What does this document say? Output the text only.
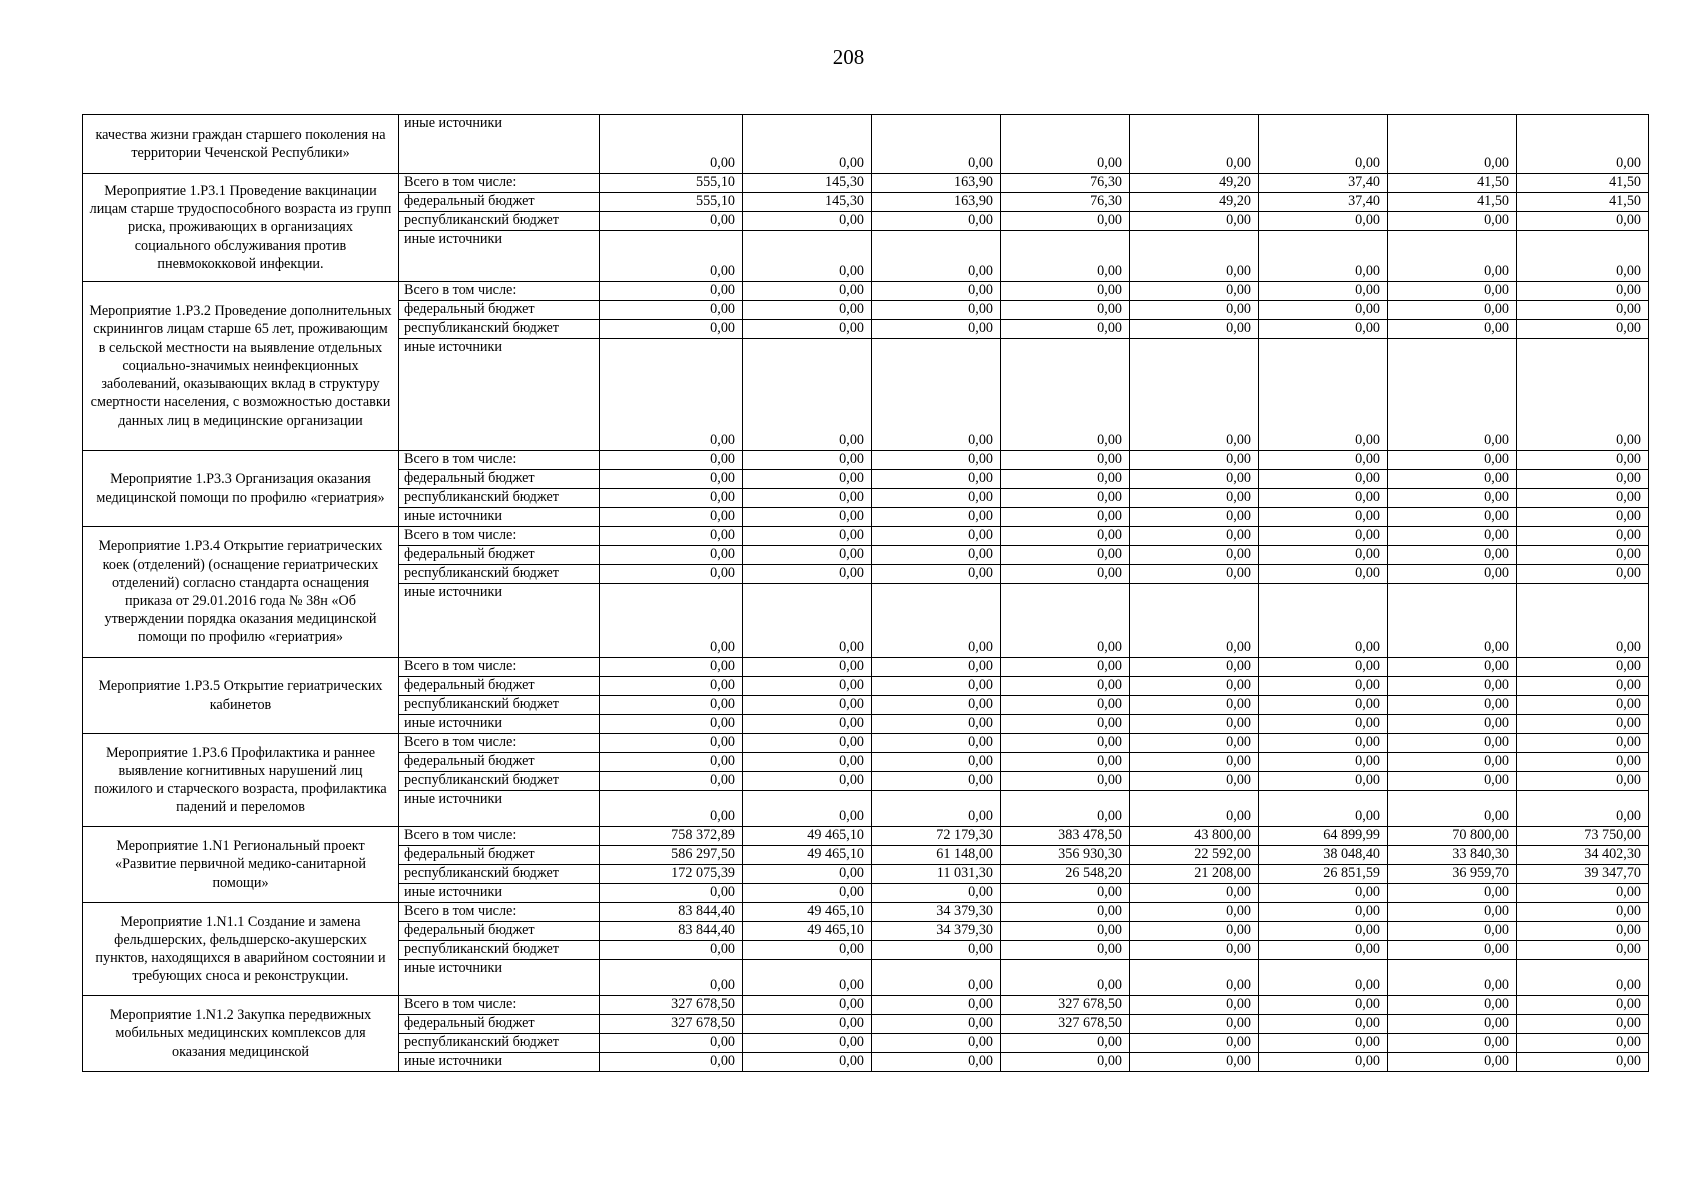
208
качества жизни граждан старшего поколения на территории Чеченской Республики»	иные источники	0,00	0,00	0,00	0,00	0,00	0,00	0,00	0,00
Мероприятие 1.Р3.1 Проведение вакцинации лицам старше трудоспособного возраста из групп риска, проживающих в организациях социального обслуживания против пневмококковой инфекции.	Всего в том числе:	555,10	145,30	163,90	76,30	49,20	37,40	41,50	41,50
	федеральный бюджет	555,10	145,30	163,90	76,30	49,20	37,40	41,50	41,50
	республиканский бюджет	0,00	0,00	0,00	0,00	0,00	0,00	0,00	0,00
	иные источники	0,00	0,00	0,00	0,00	0,00	0,00	0,00	0,00
Мероприятие 1.Р3.2 Проведение дополнительных скринингов лицам старше 65 лет, проживающим в сельской местности на выявление отдельных социально-значимых неинфекционных заболеваний, оказывающих вклад в структуру смертности населения, с возможностью доставки данных лиц в медицинские организации	Всего в том числе:	0,00	0,00	0,00	0,00	0,00	0,00	0,00	0,00
	федеральный бюджет	0,00	0,00	0,00	0,00	0,00	0,00	0,00	0,00
	республиканский бюджет	0,00	0,00	0,00	0,00	0,00	0,00	0,00	0,00
	иные источники	0,00	0,00	0,00	0,00	0,00	0,00	0,00	0,00
Мероприятие 1.Р3.3 Организация оказания медицинской помощи по профилю «гериатрия»	Всего в том числе:	0,00	0,00	0,00	0,00	0,00	0,00	0,00	0,00
	федеральный бюджет	0,00	0,00	0,00	0,00	0,00	0,00	0,00	0,00
	республиканский бюджет	0,00	0,00	0,00	0,00	0,00	0,00	0,00	0,00
	иные источники	0,00	0,00	0,00	0,00	0,00	0,00	0,00	0,00
Мероприятие 1.Р3.4 Открытие гериатрических коек (отделений) (оснащение гериатрических отделений) согласно стандарта оснащения приказа от 29.01.2016 года № 38н «Об утверждении порядка оказания медицинской помощи по профилю «гериатрия»	Всего в том числе:	0,00	0,00	0,00	0,00	0,00	0,00	0,00	0,00
	федеральный бюджет	0,00	0,00	0,00	0,00	0,00	0,00	0,00	0,00
	республиканский бюджет	0,00	0,00	0,00	0,00	0,00	0,00	0,00	0,00
	иные источники	0,00	0,00	0,00	0,00	0,00	0,00	0,00	0,00
Мероприятие 1.Р3.5 Открытие гериатрических кабинетов	Всего в том числе:	0,00	0,00	0,00	0,00	0,00	0,00	0,00	0,00
	федеральный бюджет	0,00	0,00	0,00	0,00	0,00	0,00	0,00	0,00
	республиканский бюджет	0,00	0,00	0,00	0,00	0,00	0,00	0,00	0,00
	иные источники	0,00	0,00	0,00	0,00	0,00	0,00	0,00	0,00
Мероприятие 1.Р3.6 Профилактика и раннее выявление когнитивных нарушений лиц пожилого и старческого возраста, профилактика падений и переломов	Всего в том числе:	0,00	0,00	0,00	0,00	0,00	0,00	0,00	0,00
	федеральный бюджет	0,00	0,00	0,00	0,00	0,00	0,00	0,00	0,00
	республиканский бюджет	0,00	0,00	0,00	0,00	0,00	0,00	0,00	0,00
	иные источники	0,00	0,00	0,00	0,00	0,00	0,00	0,00	0,00
Мероприятие 1.N1 Региональный проект «Развитие первичной медико-санитарной помощи»	Всего в том числе:	758 372,89	49 465,10	72 179,30	383 478,50	43 800,00	64 899,99	70 800,00	73 750,00
	федеральный бюджет	586 297,50	49 465,10	61 148,00	356 930,30	22 592,00	38 048,40	33 840,30	34 402,30
	республиканский бюджет	172 075,39	0,00	11 031,30	26 548,20	21 208,00	26 851,59	36 959,70	39 347,70
	иные источники	0,00	0,00	0,00	0,00	0,00	0,00	0,00	0,00
Мероприятие 1.N1.1 Создание и замена фельдшерских, фельдшерско-акушерских пунктов, находящихся в аварийном состоянии и требующих сноса и реконструкции.	Всего в том числе:	83 844,40	49 465,10	34 379,30	0,00	0,00	0,00	0,00	0,00
	федеральный бюджет	83 844,40	49 465,10	34 379,30	0,00	0,00	0,00	0,00	0,00
	республиканский бюджет	0,00	0,00	0,00	0,00	0,00	0,00	0,00	0,00
	иные источники	0,00	0,00	0,00	0,00	0,00	0,00	0,00	0,00
Мероприятие 1.N1.2 Закупка передвижных мобильных медицинских комплексов для оказания медицинской	Всего в том числе:	327 678,50	0,00	0,00	327 678,50	0,00	0,00	0,00	0,00
	федеральный бюджет	327 678,50	0,00	0,00	327 678,50	0,00	0,00	0,00	0,00
	республиканский бюджет	0,00	0,00	0,00	0,00	0,00	0,00	0,00	0,00
	иные источники	0,00	0,00	0,00	0,00	0,00	0,00	0,00	0,00
